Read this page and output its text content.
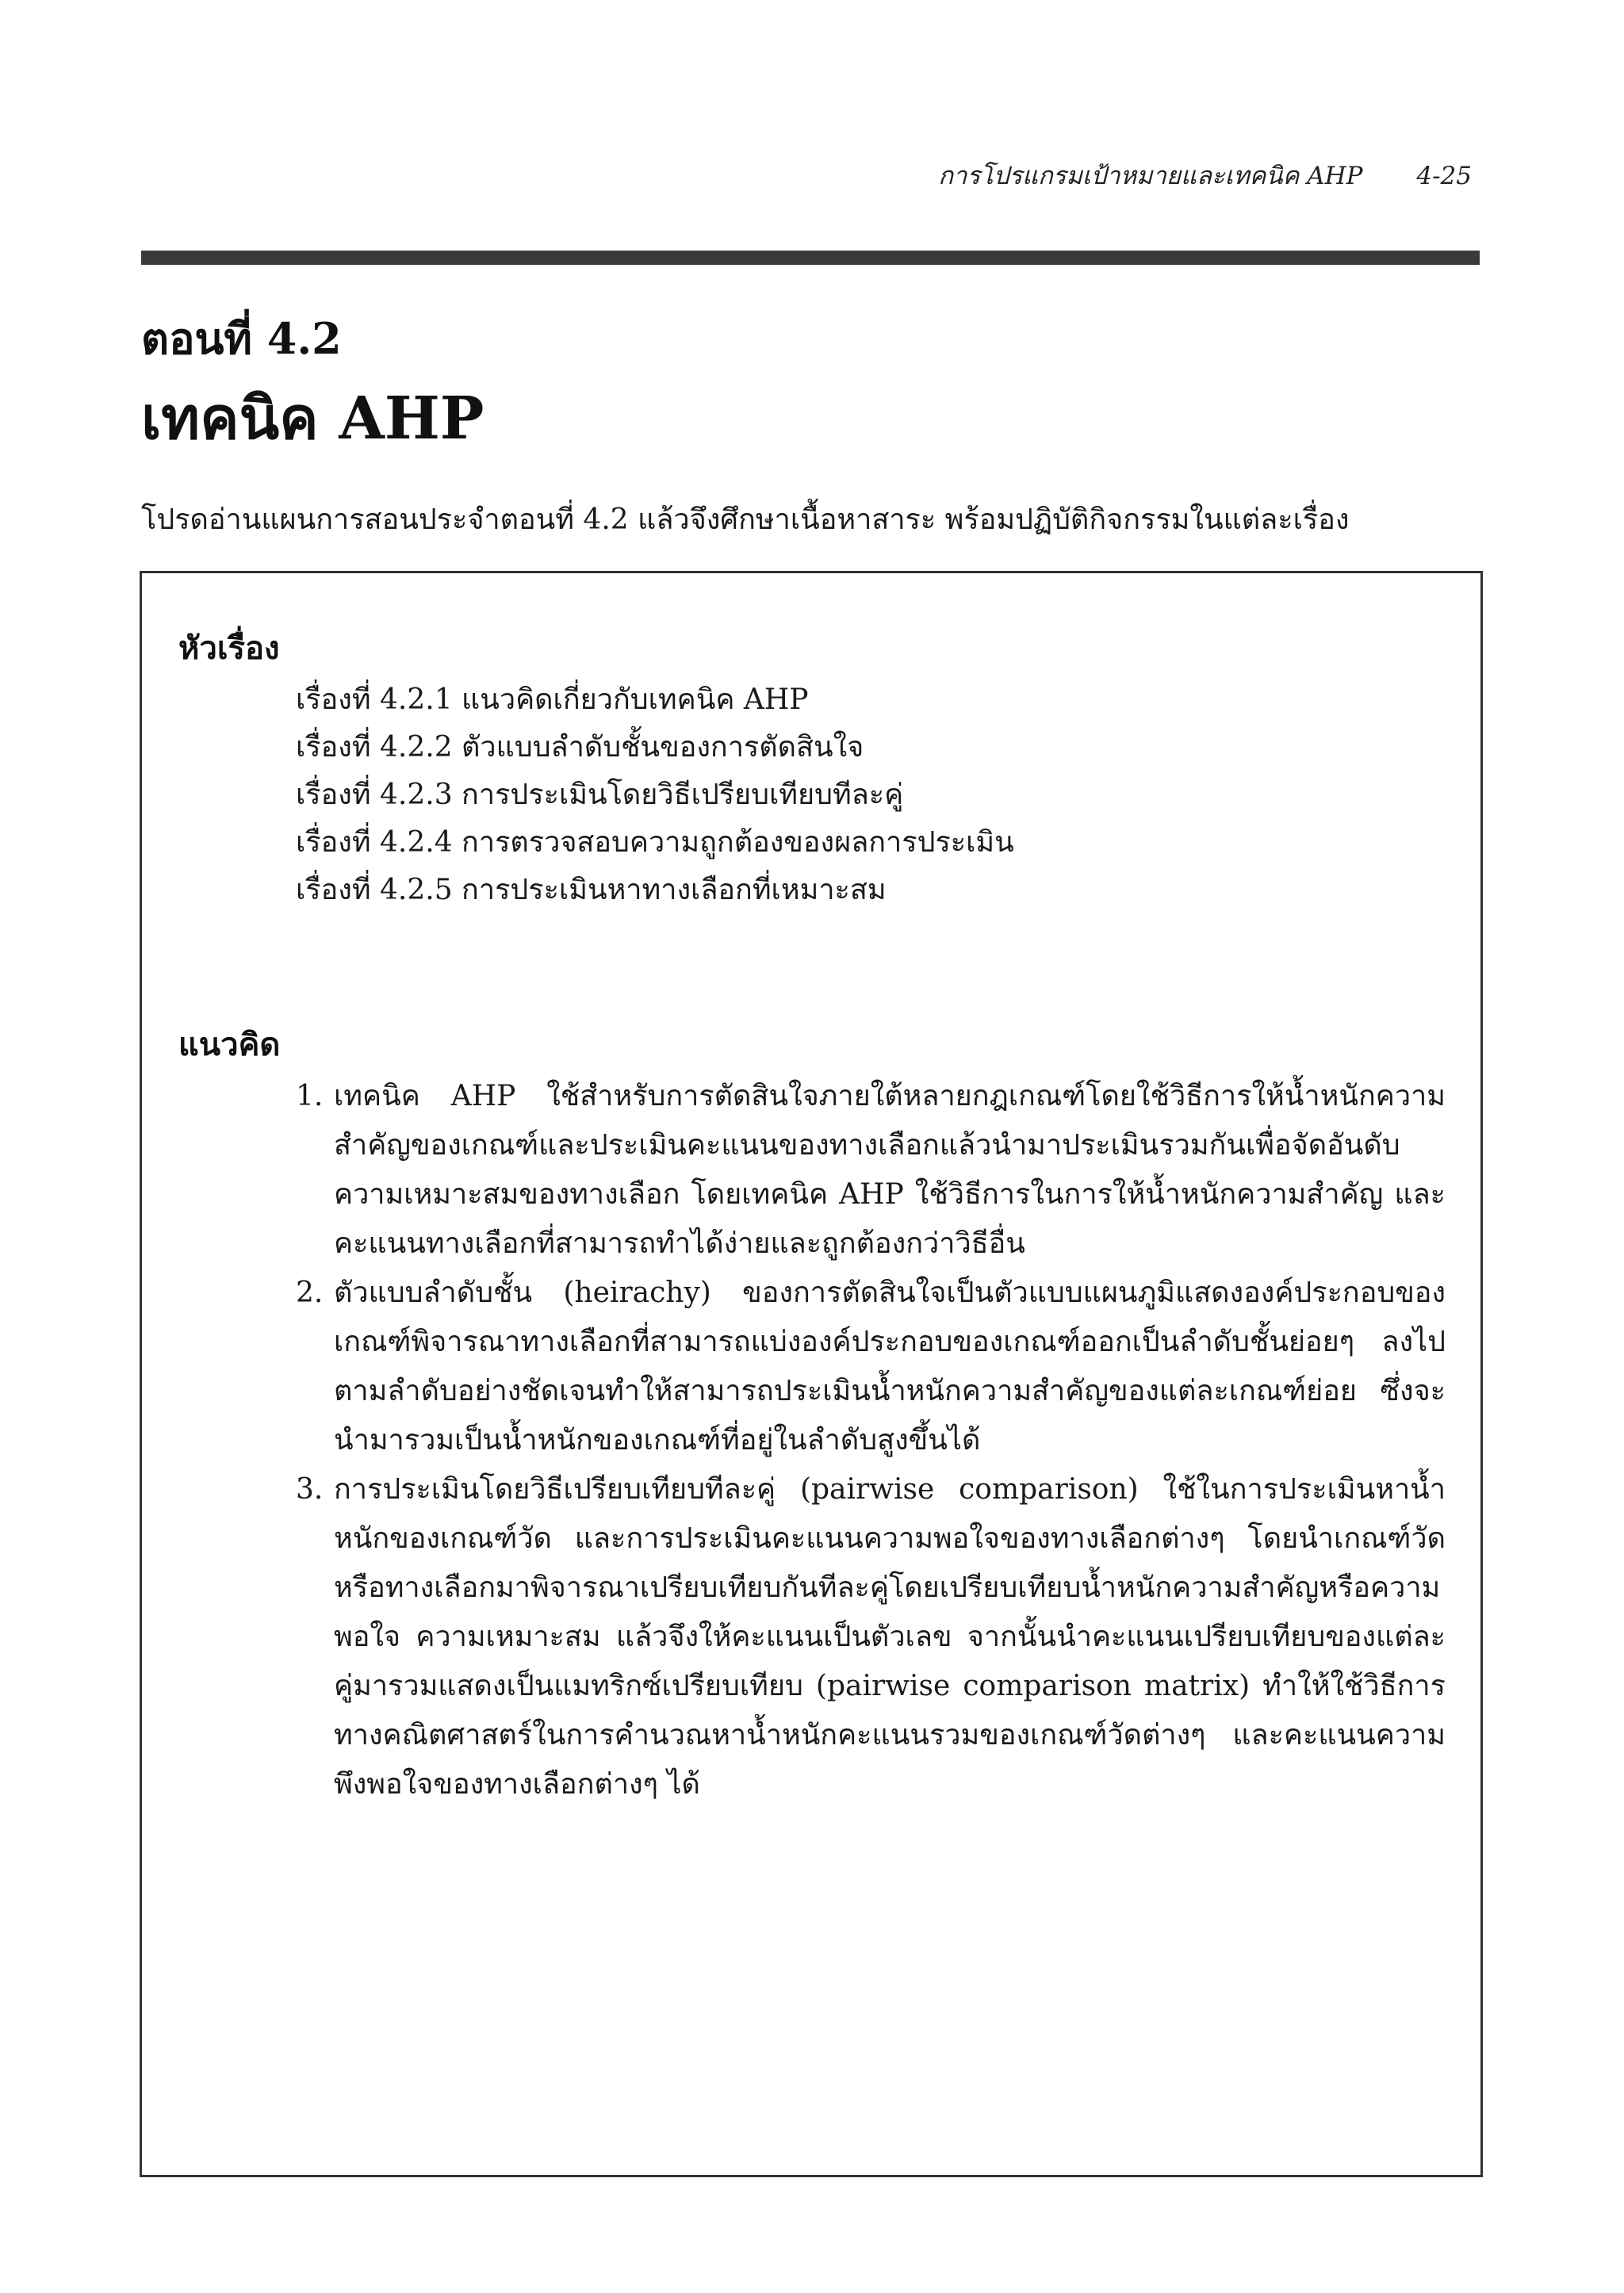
การโปรแกรมเป้าหมายและเทคนิค AHP 4-25
ตอนที่ 4.2
เทคนิค AHP
โปรดอ่านแผนการสอนประจำตอนที่ 4.2 แล้วจึงศึกษาเนื้อหาสาระ พร้อมปฏิบัติกิจกรรมในแต่ละเรื่อง
หัวเรื่อง
เรื่องที่ 4.2.1 แนวคิดเกี่ยวกับเทคนิค AHP
เรื่องที่ 4.2.2 ตัวแบบลำดับชั้นของการตัดสินใจ
เรื่องที่ 4.2.3 การประเมินโดยวิธีเปรียบเทียบทีละคู่
เรื่องที่ 4.2.4 การตรวจสอบความถูกต้องของผลการประเมิน
เรื่องที่ 4.2.5 การประเมินหาทางเลือกที่เหมาะสม
แนวคิด
1. เทคนิค AHP ใช้สำหรับการตัดสินใจภายใต้หลายกฎเกณฑ์โดยใช้วิธีการให้น้ำหนักความสำคัญของเกณฑ์และประเมินคะแนนของทางเลือกแล้วนำมาประเมินรวมกันเพื่อจัดอันดับความเหมาะสมของทางเลือก โดยเทคนิค AHP ใช้วิธีการในการให้น้ำหนักความสำคัญ และคะแนนทางเลือกที่สามารถทำได้ง่ายและถูกต้องกว่าวิธีอื่น
2. ตัวแบบลำดับชั้น (heirachy) ของการตัดสินใจเป็นตัวแบบแผนภูมิแสดงองค์ประกอบของเกณฑ์พิจารณาทางเลือกที่สามารถแบ่งองค์ประกอบของเกณฑ์ออกเป็นลำดับชั้นย่อยๆ ลงไปตามลำดับอย่างชัดเจนทำให้สามารถประเมินน้ำหนักความสำคัญของแต่ละเกณฑ์ย่อย ซึ่งจะนำมารวมเป็นน้ำหนักของเกณฑ์ที่อยู่ในลำดับสูงขึ้นได้
3. การประเมินโดยวิธีเปรียบเทียบทีละคู่ (pairwise comparison) ใช้ในการประเมินหาน้ำหนักของเกณฑ์วัด และการประเมินคะแนนความพอใจของทางเลือกต่างๆ โดยนำเกณฑ์วัดหรือทางเลือกมาพิจารณาเปรียบเทียบกันทีละคู่โดยเปรียบเทียบน้ำหนักความสำคัญหรือความพอใจ ความเหมาะสม แล้วจึงให้คะแนนเป็นตัวเลข จากนั้นนำคะแนนเปรียบเทียบของแต่ละคู่มารวมแสดงเป็นแมทริกซ์เปรียบเทียบ (pairwise comparison matrix) ทำให้ใช้วิธีการทางคณิตศาสตร์ในการคำนวณหาน้ำหนักคะแนนรวมของเกณฑ์วัดต่างๆ และคะแนนความพึงพอใจของทางเลือกต่างๆ ได้
